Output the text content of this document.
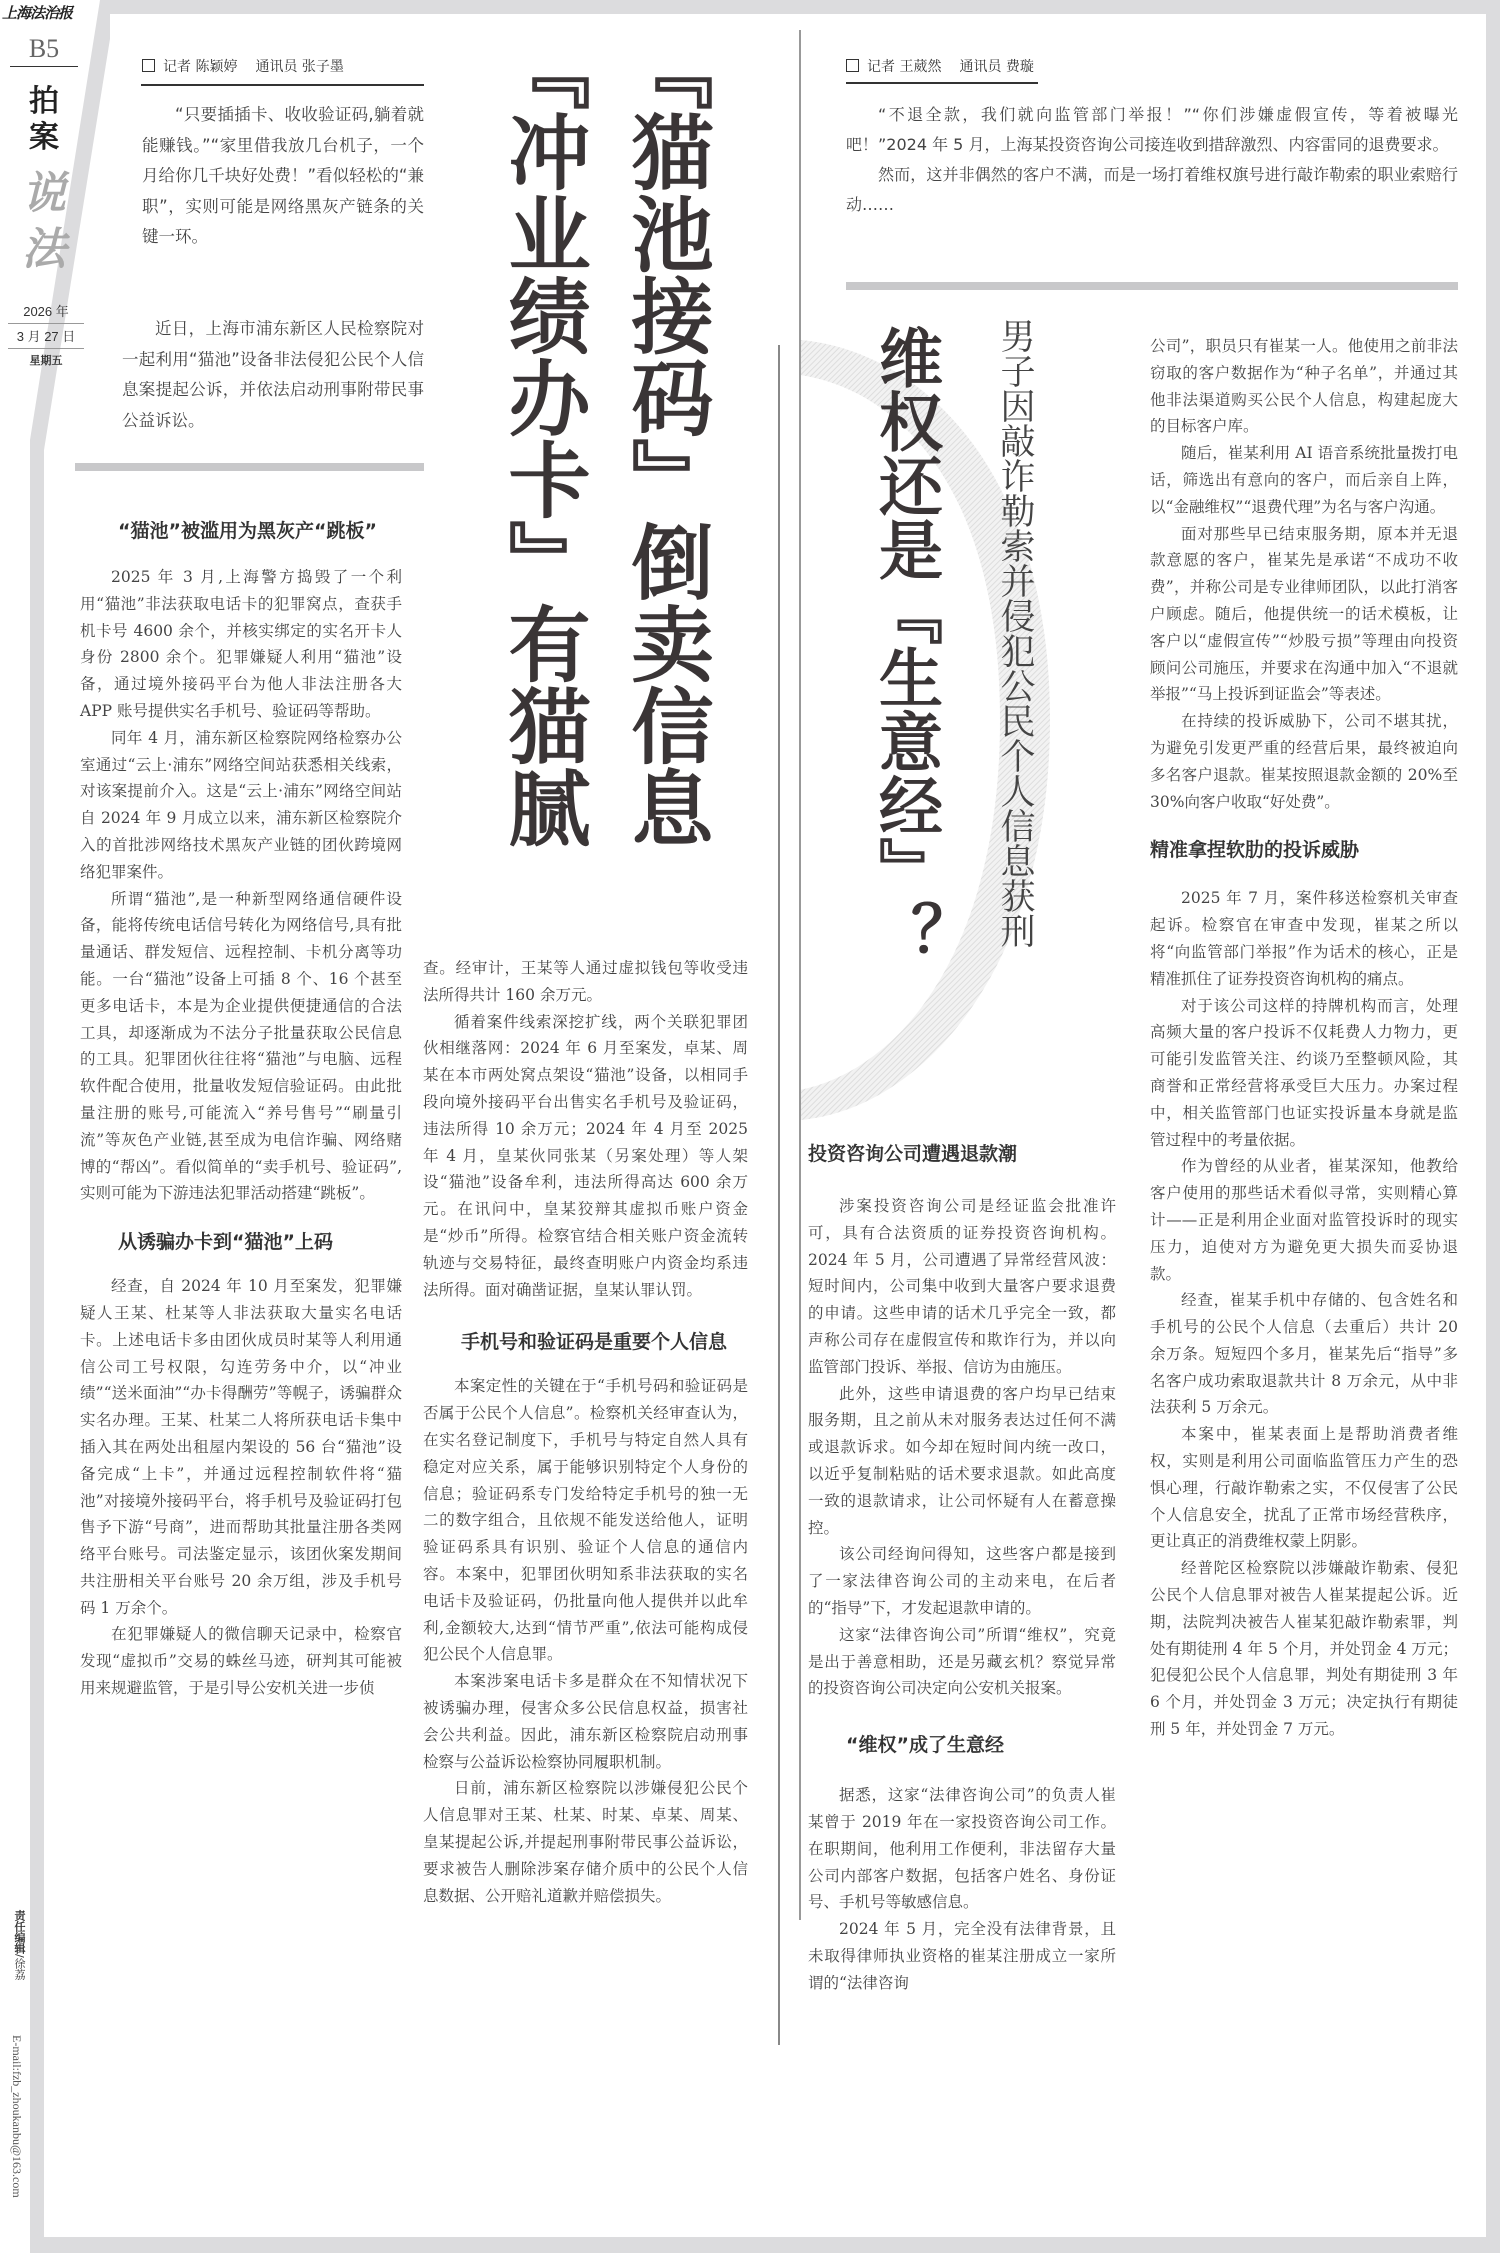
上海法治报
B5
拍案
说法
2026 年
3 月 27 日
星期五
责任编辑/徐荔
E-mail:fzb_zhoukanbu@163.com
记者 陈颖婷 通讯员 张子墨

“只要插插卡、收收验证码,躺着就能赚钱。”“家里借我放几台机子，一个月给你几千块好处费！”看似轻松的“兼职”，实则可能是网络黑灰产链条的关键一环。

近日，上海市浦东新区人民检察院对一起利用“猫池”设备非法侵犯公民个人信息案提起公诉，并依法启动刑事附带民事公益诉讼。	『猫池接码』倒卖信息
『冲业绩办卡』有猫腻
“猫池”被滥用为黑灰产“跳板”

2025 年 3 月,上海警方捣毁了一个利用“猫池”非法获取电话卡的犯罪窝点，查获手机卡号 4600 余个，并核实绑定的实名开卡人身份 2800 余个。犯罪嫌疑人利用“猫池”设备，通过境外接码平台为他人非法注册各大 APP 账号提供实名手机号、验证码等帮助。

同年 4 月，浦东新区检察院网络检察办公室通过“云上·浦东”网络空间站获悉相关线索，对该案提前介入。这是“云上·浦东”网络空间站自 2024 年 9 月成立以来，浦东新区检察院介入的首批涉网络技术黑灰产业链的团伙跨境网络犯罪案件。

所谓“猫池”,是一种新型网络通信硬件设备，能将传统电话信号转化为网络信号,具有批量通话、群发短信、远程控制、卡机分离等功能。一台“猫池”设备上可插 8 个、16 个甚至更多电话卡，本是为企业提供便捷通信的合法工具，却逐渐成为不法分子批量获取公民信息的工具。犯罪团伙往往将“猫池”与电脑、远程软件配合使用，批量收发短信验证码。由此批量注册的账号,可能流入“养号售号”“刷量引流”等灰色产业链,甚至成为电信诈骗、网络赌博的“帮凶”。看似简单的“卖手机号、验证码”,实则可能为下游违法犯罪活动搭建“跳板”。

从诱骗办卡到“猫池”上码

经查，自 2024 年 10 月至案发，犯罪嫌疑人王某、杜某等人非法获取大量实名电话卡。上述电话卡多由团伙成员时某等人利用通信公司工号权限，勾连劳务中介，以“冲业绩”“送米面油”“办卡得酬劳”等幌子，诱骗群众实名办理。王某、杜某二人将所获电话卡集中插入其在两处出租屋内架设的 56 台“猫池”设备完成“上卡”，并通过远程控制软件将“猫池”对接境外接码平台，将手机号及验证码打包售予下游“号商”，进而帮助其批量注册各类网络平台账号。司法鉴定显示，该团伙案发期间共注册相关平台账号 20 余万组，涉及手机号码 1 万余个。

在犯罪嫌疑人的微信聊天记录中，检察官发现“虚拟币”交易的蛛丝马迹，研判其可能被用来规避监管，于是引导公安机关进一步侦

查。经审计，王某等人通过虚拟钱包等收受违法所得共计 160 余万元。

循着案件线索深挖扩线，两个关联犯罪团伙相继落网：2024 年 6 月至案发，卓某、周某在本市两处窝点架设“猫池”设备，以相同手段向境外接码平台出售实名手机号及验证码，违法所得 10 余万元；2024 年 4 月至 2025 年 4 月，皇某伙同张某（另案处理）等人架设“猫池”设备牟利，违法所得高达 600 余万元。在讯问中，皇某狡辩其虚拟币账户资金是“炒币”所得。检察官结合相关账户资金流转轨迹与交易特征，最终查明账户内资金均系违法所得。面对确凿证据，皇某认罪认罚。

手机号和验证码是重要个人信息

本案定性的关键在于“手机号码和验证码是否属于公民个人信息”。检察机关经审查认为，在实名登记制度下，手机号与特定自然人具有稳定对应关系，属于能够识别特定个人身份的信息；验证码系专门发给特定手机号的独一无二的数字组合，且依规不能发送给他人，证明验证码系具有识别、验证个人信息的通信内容。本案中，犯罪团伙明知系非法获取的实名电话卡及验证码，仍批量向他人提供并以此牟利,金额较大,达到“情节严重”,依法可能构成侵犯公民个人信息罪。

本案涉案电话卡多是群众在不知情状况下被诱骗办理，侵害众多公民信息权益，损害社会公共利益。因此，浦东新区检察院启动刑事检察与公益诉讼检察协同履职机制。

日前，浦东新区检察院以涉嫌侵犯公民个人信息罪对王某、杜某、时某、卓某、周某、皇某提起公诉,并提起刑事附带民事公益诉讼，要求被告人删除涉案存储介质中的公民个人信息数据、公开赔礼道歉并赔偿损失。

记者 王葳然 通讯员 费璇

“不退全款，我们就向监管部门举报！”“你们涉嫌虚假宣传，等着被曝光吧！”2024 年 5 月，上海某投资咨询公司接连收到措辞激烈、内容雷同的退费要求。

然而，这并非偶然的客户不满，而是一场打着维权旗号进行敲诈勒索的职业索赔行动……

维权还是『生意经』？ 男子因敲诈勒索并侵犯公民个人信息获刑
投资咨询公司遭遇退款潮

涉案投资咨询公司是经证监会批准许可，具有合法资质的证券投资咨询机构。2024 年 5 月，公司遭遇了异常经营风波：短时间内，公司集中收到大量客户要求退费的申请。这些申请的话术几乎完全一致，都声称公司存在虚假宣传和欺诈行为，并以向监管部门投诉、举报、信访为由施压。

此外，这些申请退费的客户均早已结束服务期，且之前从未对服务表达过任何不满或退款诉求。如今却在短时间内统一改口，以近乎复制粘贴的话术要求退款。如此高度一致的退款请求，让公司怀疑有人在蓄意操控。

该公司经询问得知，这些客户都是接到了一家法律咨询公司的主动来电，在后者的“指导”下，才发起退款申请的。

这家“法律咨询公司”所谓“维权”，究竟是出于善意相助，还是另藏玄机？察觉异常的投资咨询公司决定向公安机关报案。

“维权”成了生意经

据悉，这家“法律咨询公司”的负责人崔某曾于 2019 年在一家投资咨询公司工作。在职期间，他利用工作便利，非法留存大量公司内部客户数据，包括客户姓名、身份证号、手机号等敏感信息。

2024 年 5 月，完全没有法律背景，且未取得律师执业资格的崔某注册成立一家所谓的“法律咨询

公司”，职员只有崔某一人。他使用之前非法窃取的客户数据作为“种子名单”，并通过其他非法渠道购买公民个人信息，构建起庞大的目标客户库。

随后，崔某利用 AI 语音系统批量拨打电话，筛选出有意向的客户，而后亲自上阵，以“金融维权”“退费代理”为名与客户沟通。

面对那些早已结束服务期，原本并无退款意愿的客户，崔某先是承诺“不成功不收费”，并称公司是专业律师团队，以此打消客户顾虑。随后，他提供统一的话术模板，让客户以“虚假宣传”“炒股亏损”等理由向投资顾问公司施压，并要求在沟通中加入“不退就举报”“马上投诉到证监会”等表述。

在持续的投诉威胁下，公司不堪其扰，为避免引发更严重的经营后果，最终被迫向多名客户退款。崔某按照退款金额的 20%至 30%向客户收取“好处费”。

精准拿捏软肋的投诉威胁

2025 年 7 月，案件移送检察机关审查起诉。检察官在审查中发现，崔某之所以将“向监管部门举报”作为话术的核心，正是精准抓住了证券投资咨询机构的痛点。

对于该公司这样的持牌机构而言，处理高频大量的客户投诉不仅耗费人力物力，更可能引发监管关注、约谈乃至整顿风险，其商誉和正常经营将承受巨大压力。办案过程中，相关监管部门也证实投诉量本身就是监管过程中的考量依据。

作为曾经的从业者，崔某深知，他教给客户使用的那些话术看似寻常，实则精心算计——正是利用企业面对监管投诉时的现实压力，迫使对方为避免更大损失而妥协退款。

经查，崔某手机中存储的、包含姓名和手机号的公民个人信息（去重后）共计 20 余万条。短短四个多月，崔某先后“指导”多名客户成功索取退款共计 8 万余元，从中非法获利 5 万余元。

本案中，崔某表面上是帮助消费者维权，实则是利用公司面临监管压力产生的恐惧心理，行敲诈勒索之实，不仅侵害了公民个人信息安全，扰乱了正常市场经营秩序，更让真正的消费维权蒙上阴影。

经普陀区检察院以涉嫌敲诈勒索、侵犯公民个人信息罪对被告人崔某提起公诉。近期，法院判决被告人崔某犯敲诈勒索罪，判处有期徒刑 4 年 5 个月，并处罚金 4 万元；犯侵犯公民个人信息罪，判处有期徒刑 3 年 6 个月，并处罚金 3 万元；决定执行有期徒刑 5 年，并处罚金 7 万元。
